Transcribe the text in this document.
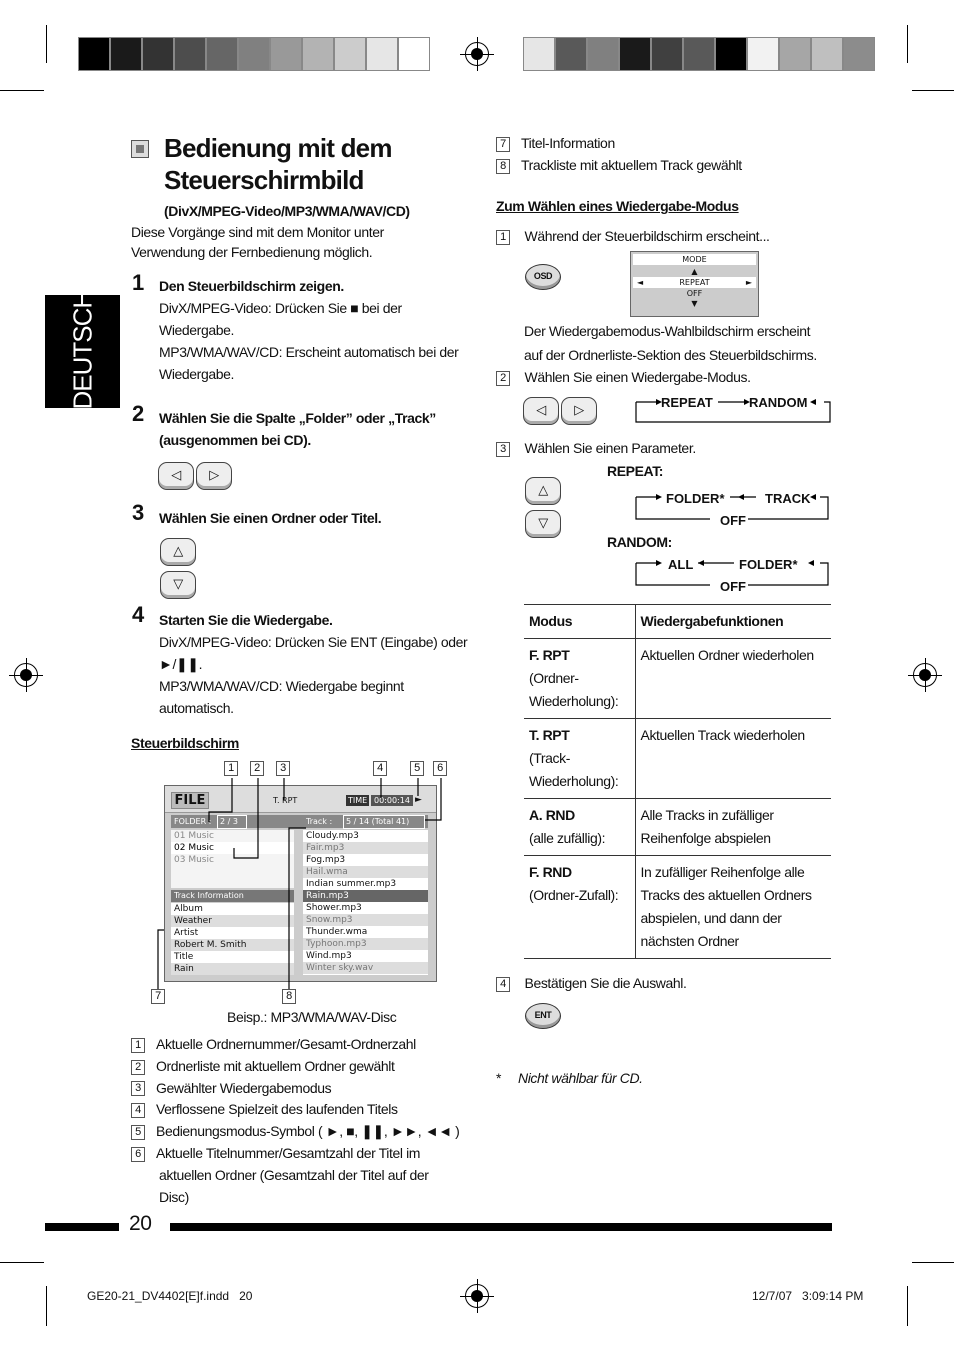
DEUTSCH
Bedienung mit dem
Steuerschirmbild
(DivX/MPEG-Video/MP3/WMA/WAV/CD)
Diese Vorgänge sind mit dem Monitor unter
Verwendung der Fernbedienung möglich.
1 Den Steuerbildschirm zeigen.
DivX/MPEG-Video: Drücken Sie ■ bei der
Wiedergabe.
MP3/WMA/WAV/CD: Erscheint automatisch bei der
Wiedergabe.
2 Wählen Sie die Spalte „Folder” oder „Track”
(ausgenommen bei CD).
◁	▷
3 Wählen Sie einen Ordner oder Titel.
△
▽
4 Starten Sie die Wiedergabe.
DivX/MPEG-Video: Drücken Sie ENT (Eingabe) oder
►/❚❚.
MP3/WMA/WAV/CD: Wiedergabe beginnt
automatisch.
Steuerbildschirm
1	2	3	4	5	6
7	8
FILE	T. RPT	TIME 00:00:14 ►
FOLDER :	2 / 3	Track :	5 / 14 (Total 41)
01 Music
02 Music
03 Music
Track Information
Album
Weather
Artist
Robert M. Smith
Title
Rain
Cloudy.mp3
Fair.mp3
Fog.mp3
Hail.wma
Indian summer.mp3
Rain.mp3
Shower.mp3
Snow.mp3
Thunder.wma
Typhoon.mp3
Wind.mp3
Winter sky.wav
Beisp.: MP3/WMA/WAV-Disc
1 Aktuelle Ordnernummer/Gesamt-Ordnerzahl
2 Ordnerliste mit aktuellem Ordner gewählt
3 Gewählter Wiedergabemodus
4 Verflossene Spielzeit des laufenden Titels
5 Bedienungsmodus-Symbol ( ►, ■, ❚❚, ►►, ◄◄ )
6 Aktuelle Titelnummer/Gesamtzahl der Titel im
aktuellen Ordner (Gesamtzahl der Titel auf der
Disc)
7 Titel-Information
8 Trackliste mit aktuellem Track gewählt
Zum Wählen eines Wiedergabe-Modus
1 Während der Steuerbildschirm erscheint...
OSD
MODE
▲
◄	REPEAT	►
OFF
▼
Der Wiedergabemodus-Wahlbildschirm erscheint
auf der Ordnerliste-Sektion des Steuerbildschirms.
2 Wählen Sie einen Wiedergabe-Modus.
◁	▷	REPEAT	RANDOM
3 Wählen Sie einen Parameter.
△
▽
REPEAT:
FOLDER*	TRACK
OFF
RANDOM:
ALL	FOLDER*
OFF
Modus	Wiedergabefunktionen

F. RPT
(Ordner-Wiederholung):	Aktuellen Ordner wiederholen

T. RPT
(Track-Wiederholung):	Aktuellen Track wiederholen

A. RND
(alle zufällig):	Alle Tracks in zufälliger Reihenfolge abspielen

F. RND
(Ordner-Zufall):	In zufälliger Reihenfolge alle Tracks des aktuellen Ordners abspielen, und dann der nächsten Ordner
4 Bestätigen Sie die Auswahl.
ENT
* Nicht wählbar für CD.
20
GE20-21_DV4402[E]f.indd   20	12/7/07   3:09:14 PM
